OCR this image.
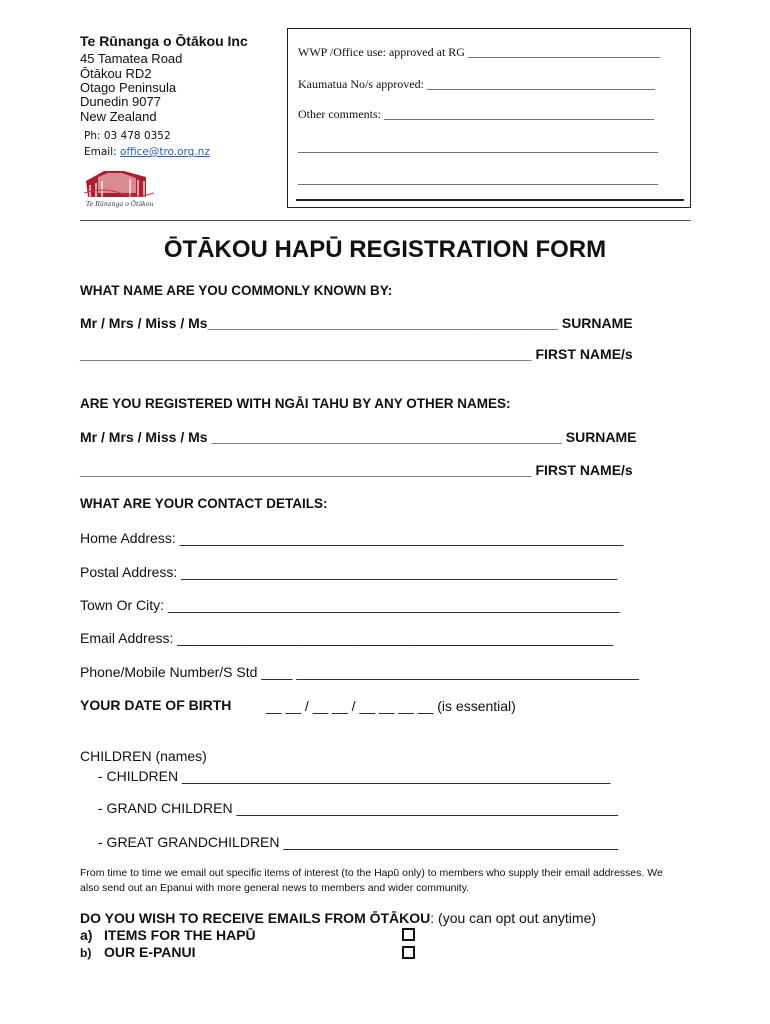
Te Rūnanga o Ōtākou Inc
45 Tamatea Road
Ōtākou RD2
Otago Peninsula
Dunedin 9077
New Zealand
Ph: 03 478 0352
Email: office@tro.org.nz
Te Rūnanga o Ōtākou
WWP /Office use: approved at RG ________________________________
Kaumatua No/s approved: ______________________________________
Other comments: _____________________________________________
____________________________________________________________
____________________________________________________________
ŌTĀKOU HAPŪ REGISTRATION FORM
WHAT NAME ARE YOU COMMONLY KNOWN BY:
Mr / Mrs / Miss / Ms_____________________________________________ SURNAME
__________________________________________________________ FIRST NAME/s
ARE YOU REGISTERED WITH NGĀI TAHU BY ANY OTHER NAMES:
Mr / Mrs / Miss / Ms _____________________________________________ SURNAME
__________________________________________________________ FIRST NAME/s
WHAT ARE YOUR CONTACT DETAILS:
Home Address: _________________________________________________________
Postal Address: ________________________________________________________
Town Or City: __________________________________________________________
Email Address: ________________________________________________________
Phone/Mobile Number/S Std ____ ____________________________________________
YOUR DATE OF BIRTH __ __ / __ __ / __ __ __ __ (is essential)
CHILDREN (names)
- CHILDREN _______________________________________________________
- GRAND CHILDREN _________________________________________________
- GREAT GRANDCHILDREN ___________________________________________
From time to time we email out specific items of interest (to the Hapū only) to members who supply their email addresses. We also send out an Epanui with more general news to members and wider community.
DO YOU WISH TO RECEIVE EMAILS FROM ŌTĀKOU: (you can opt out anytime)
a) ITEMS FOR THE HAPŪ
b) OUR E-PANUI
